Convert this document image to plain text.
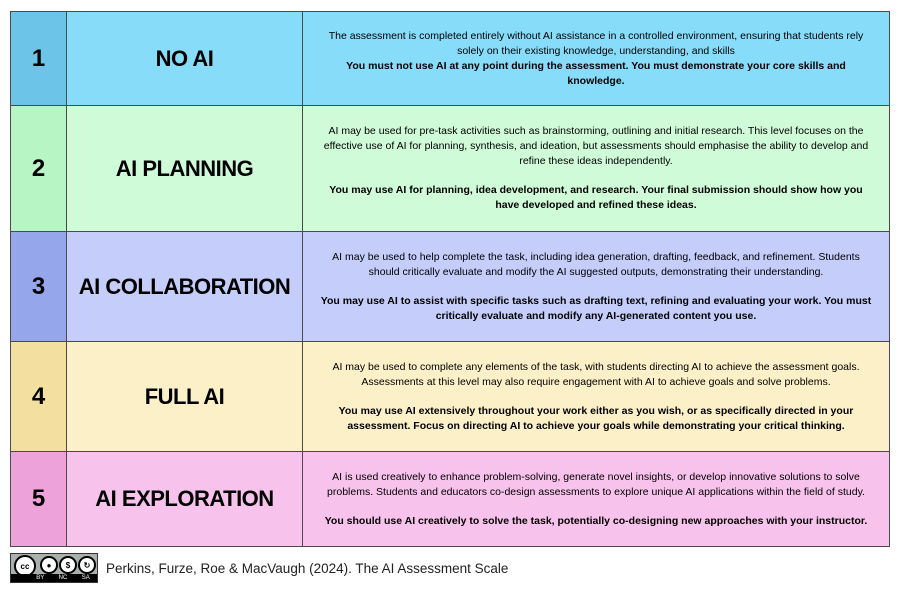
1	NO AI

The assessment is completed entirely without AI assistance in a controlled environment, ensuring that students rely solely on their existing knowledge, understanding, and skills

You must not use AI at any point during the assessment. You must demonstrate your core skills and knowledge.

2	AI PLANNING

AI may be used for pre-task activities such as brainstorming, outlining and initial research. This level focuses on the effective use of AI for planning, synthesis, and ideation, but assessments should emphasise the ability to develop and refine these ideas independently.

You may use AI for planning, idea development, and research. Your final submission should show how you have developed and refined these ideas.

3	AI COLLABORATION

AI may be used to help complete the task, including idea generation, drafting, feedback, and refinement. Students should critically evaluate and modify the AI suggested outputs, demonstrating their understanding.

You may use AI to assist with specific tasks such as drafting text, refining and evaluating your work. You must critically evaluate and modify any AI-generated content you use.

4	FULL AI

AI may be used to complete any elements of the task, with students directing AI to achieve the assessment goals. Assessments at this level may also require engagement with AI to achieve goals and solve problems.

You may use AI extensively throughout your work either as you wish, or as specifically directed in your assessment. Focus on directing AI to achieve your goals while demonstrating your critical thinking.

5	AI EXPLORATION

AI is used creatively to enhance problem-solving, generate novel insights, or develop innovative solutions to solve problems. Students and educators co-design assessments to explore unique AI applications within the field of study.

You should use AI creatively to solve the task, potentially co-designing new approaches with your instructor.

cc	●	$	↻
BY NC SA
Perkins, Furze, Roe & MacVaugh (2024). The AI Assessment Scale
